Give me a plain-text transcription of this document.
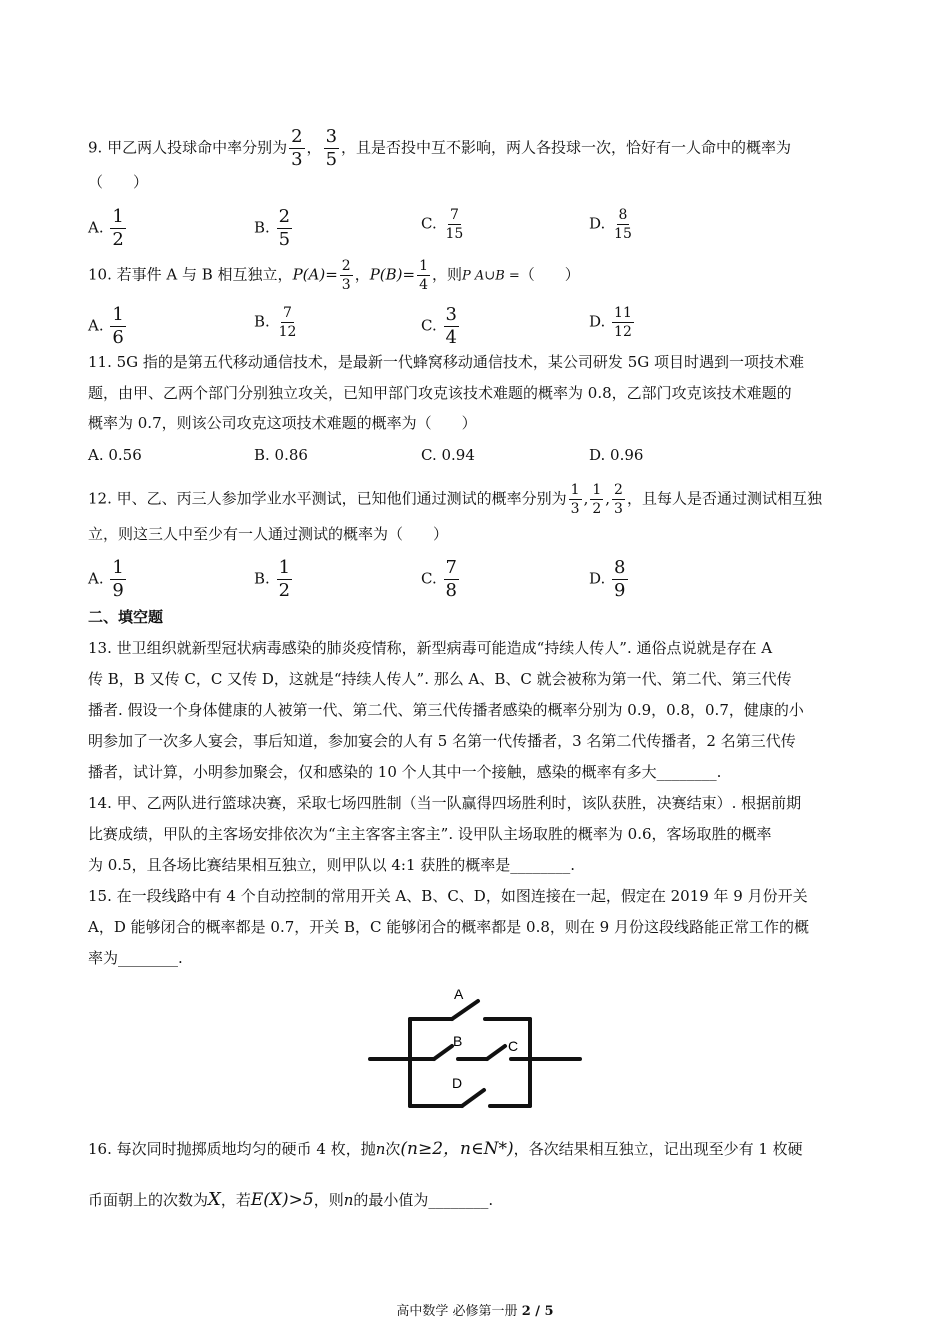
9. 甲乙两人投球命中率分别为 $\frac{2}{3}$ ， $\frac{3}{5}$ ，且是否投中互不影响，两人各投球一次，恰好有一人命中的概率为
（　　）
A. $\frac{1}{2}$	B. $\frac{2}{5}$	C. $\frac{7}{15}$	D. $\frac{8}{15}$
10. 若事件 A 与 B 相互独立，$P(A)= \frac{2}{3}$ ，$P(B)= \frac{1}{4}$ ，则P A∪B =（　　）
A. $\frac{1}{6}$	B. $\frac{7}{12}$	C. $\frac{3}{4}$	D. $\frac{11}{12}$
11. 5G 指的是第五代移动通信技术，是最新一代蜂窝移动通信技术，某公司研发 5G 项目时遇到一项技术难
题，由甲、乙两个部门分别独立攻关，已知甲部门攻克该技术难题的概率为 0.8，乙部门攻克该技术难题的
概率为 0.7，则该公司攻克这项技术难题的概率为（　　）
A. 0.56	B. 0.86	C. 0.94	D. 0.96
12. 甲、乙、丙三人参加学业水平测试，已知他们通过测试的概率分别为 $\frac{1}{3}$ , $\frac{1}{2}$ , $\frac{2}{3}$ ，且每人是否通过测试相互独
立，则这三人中至少有一人通过测试的概率为（　　）
A. $\frac{1}{9}$	B. $\frac{1}{2}$	C. $\frac{7}{8}$	D. $\frac{8}{9}$
二、填空题
13. 世卫组织就新型冠状病毒感染的肺炎疫情称，新型病毒可能造成“持续人传人”. 通俗点说就是存在 A
传 B，B 又传 C，C 又传 D，这就是“持续人传人”. 那么 A、B、C 就会被称为第一代、第二代、第三代传
播者. 假设一个身体健康的人被第一代、第二代、第三代传播者感染的概率分别为 0.9，0.8，0.7，健康的小
明参加了一次多人宴会，事后知道，参加宴会的人有 5 名第一代传播者，3 名第二代传播者，2 名第三代传
播者，试计算，小明参加聚会，仅和感染的 10 个人其中一个接触，感染的概率有多大________.
14. 甲、乙两队进行篮球决赛，采取七场四胜制（当一队赢得四场胜利时，该队获胜，决赛结束）. 根据前期
比赛成绩，甲队的主客场安排依次为“主主客客主客主”. 设甲队主场取胜的概率为 0.6，客场取胜的概率
为 0.5，且各场比赛结果相互独立，则甲队以 4:1 获胜的概率是________.
15. 在一段线路中有 4 个自动控制的常用开关 A、B、C、D，如图连接在一起，假定在 2019 年 9 月份开关
A，D 能够闭合的概率都是 0.7，开关 B，C 能够闭合的概率都是 0.8，则在 9 月份这段线路能正常工作的概
率为________.
A
B	C
D
16. 每次同时抛掷质地均匀的硬币 4 枚，抛n次(n≥2，n∈N*)，各次结果相互独立，记出现至少有 1 枚硬
币面朝上的次数为X，若E(X)>5，则n的最小值为________.
高中数学 必修第一册 2 / 5
